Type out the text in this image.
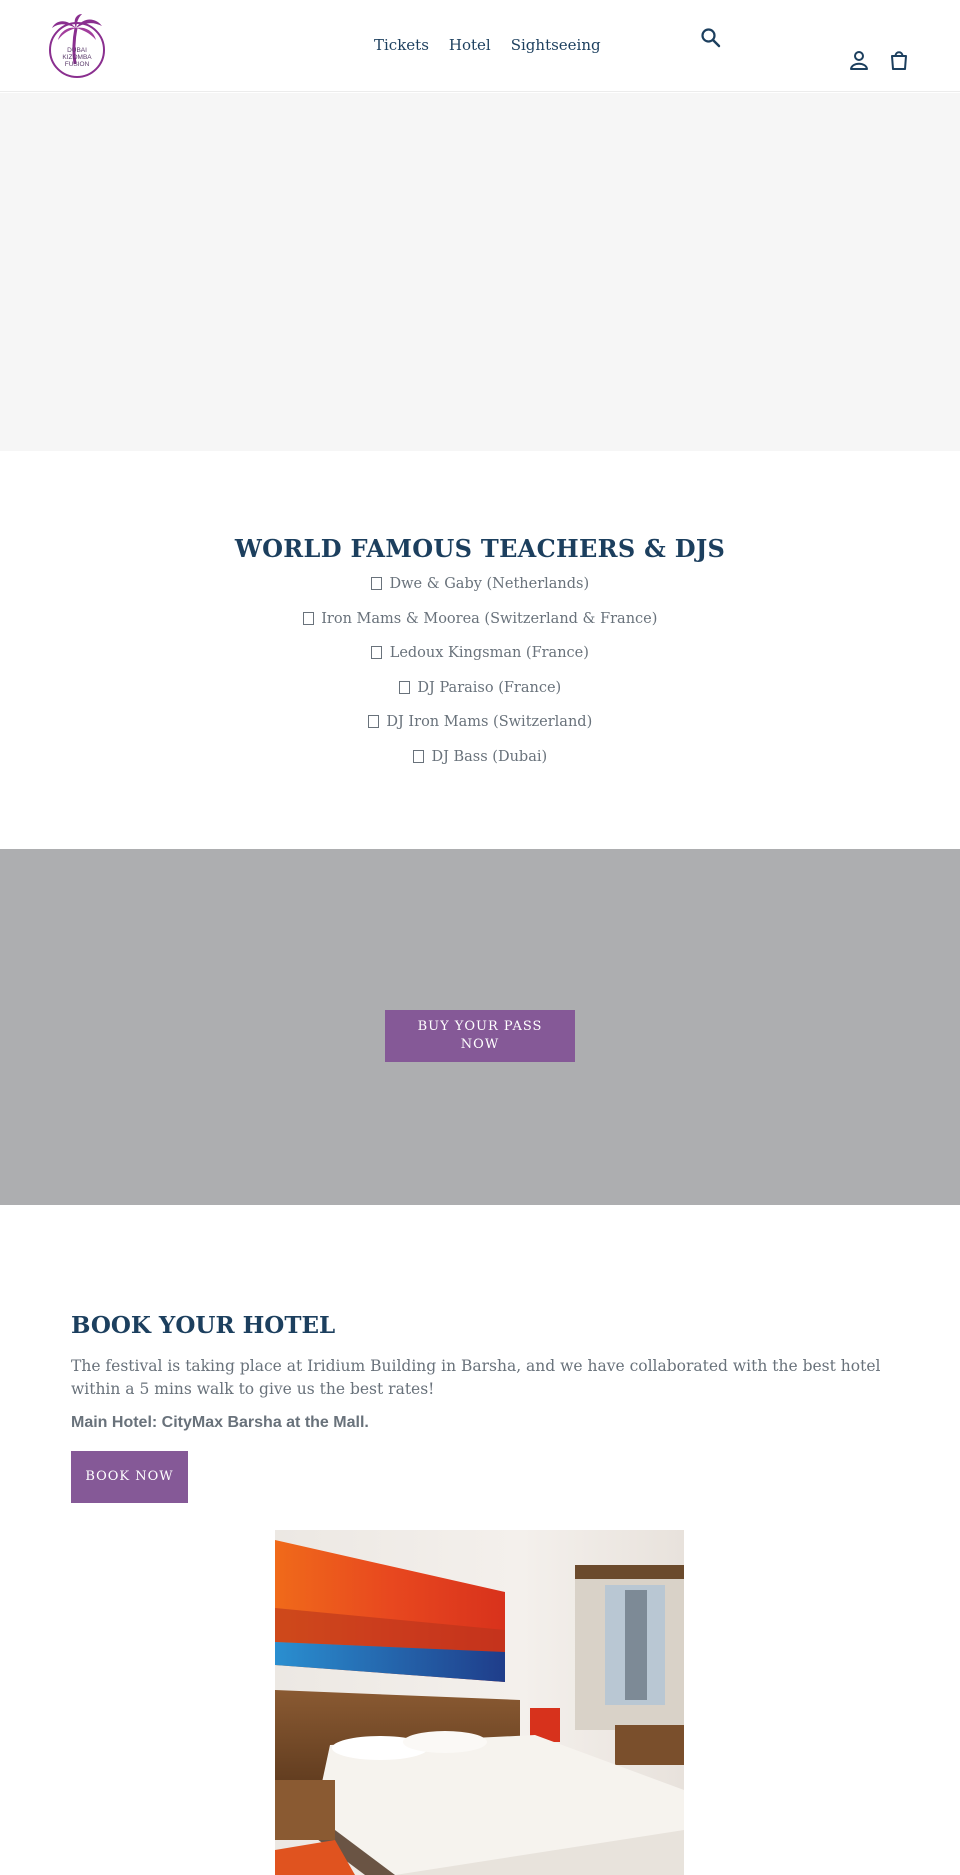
DUBAI
KIZOMBA
FUSION
Tickets Hotel Sightseeing
WORLD FAMOUS TEACHERS & DJS
Dwe & Gaby (Netherlands)
Iron Mams & Moorea (Switzerland & France)
Ledoux Kingsman (France)
DJ Paraiso (France)
DJ Iron Mams (Switzerland)
DJ Bass (Dubai)
BUY YOUR PASS NOW
BOOK YOUR HOTEL

The festival is taking place at Iridium Building in Barsha, and we have collaborated with the best hotel within a 5 mins walk to give us the best rates!

Main Hotel: CityMax Barsha at the Mall.

BOOK NOW
